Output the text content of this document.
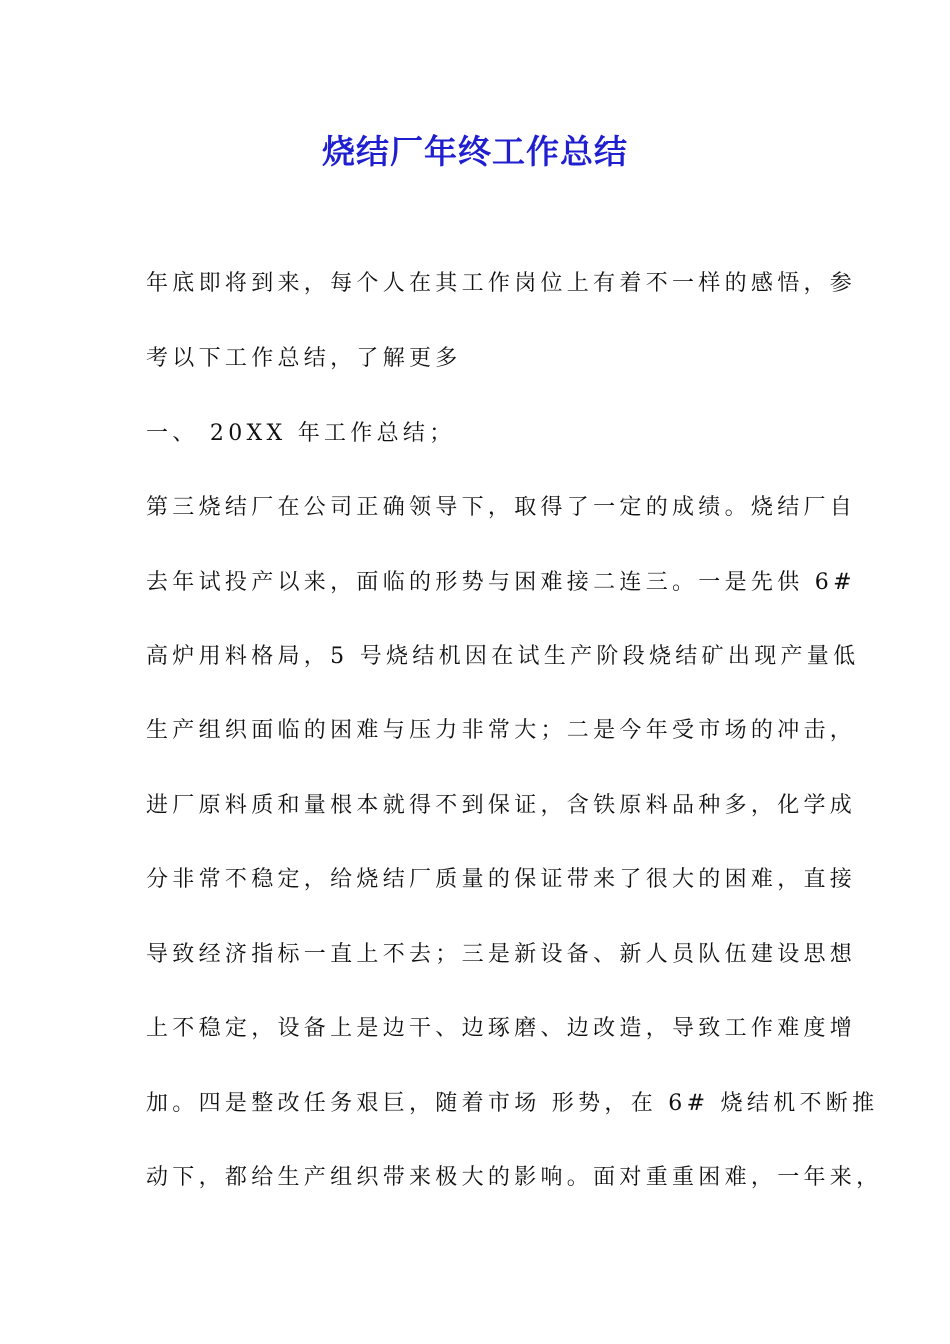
烧结厂年终工作总结
年底即将到来，每个人在其工作岗位上有着不一样的感悟，参
考以下工作总结，了解更多
一、 20XX 年工作总结；
第三烧结厂在公司正确领导下，取得了一定的成绩。烧结厂自
去年试投产以来，面临的形势与困难接二连三。一是先供 6#
高炉用料格局，5 号烧结机因在试生产阶段烧结矿出现产量低
生产组织面临的困难与压力非常大；二是今年受市场的冲击，
进厂原料质和量根本就得不到保证，含铁原料品种多，化学成
分非常不稳定，给烧结厂质量的保证带来了很大的困难，直接
导致经济指标一直上不去；三是新设备、新人员队伍建设思想
上不稳定，设备上是边干、边琢磨、边改造，导致工作难度增
加。四是整改任务艰巨，随着市场 形势，在 6# 烧结机不断推
动下，都给生产组织带来极大的影响。面对重重困难，一年来，
